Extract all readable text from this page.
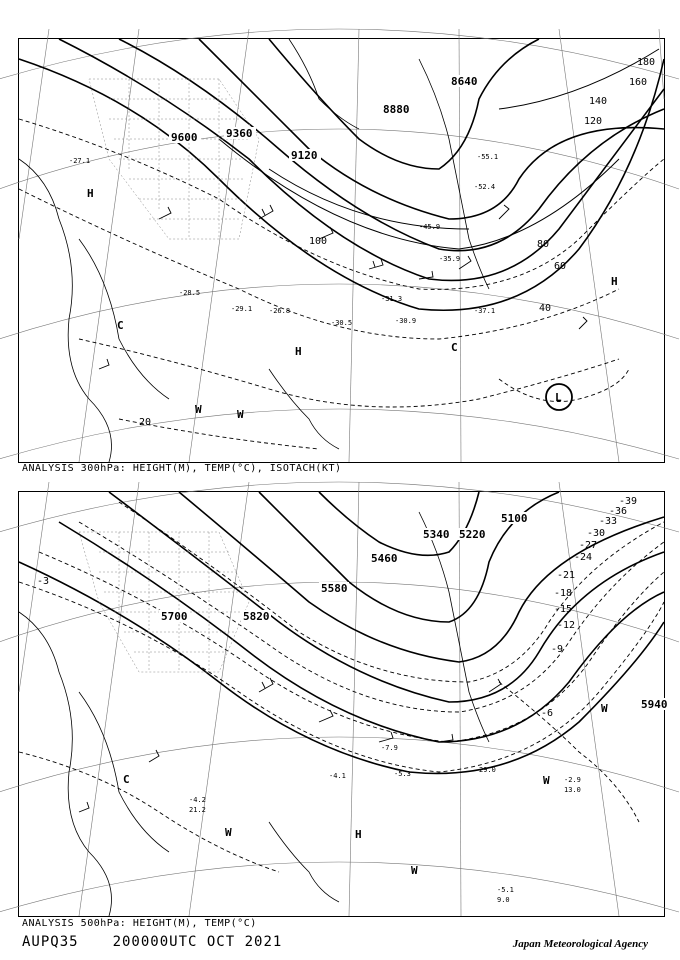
9600	9360
9120
8880
8640
20
40
60
80
100
120
140
160
180
-31.3
-30.5	-30.9
-37.1
-28.5
-29.1 -26.8
-27.1	-55.1
-52.4
-45.9
-35.9
H
H
H
C
C
W	W
L
ANALYSIS 300hPa: HEIGHT(M), TEMP(°C), ISOTACH(KT)
5940
5820
5700
5580
5460
5340 5220
5100
-3
-6
-9
-12
-15
-18
-21
-24
-27
-30
-33
-36
-39
-7.9
-5.3
-4.1	-2.9
-5.1
-4.2
21.2
29.0
13.0
9.0
H
C
W
W
W
W
ANALYSIS 500hPa: HEIGHT(M), TEMP(°C)
AUPQ35 200000UTC OCT 2021	Japan Meteorological Agency
